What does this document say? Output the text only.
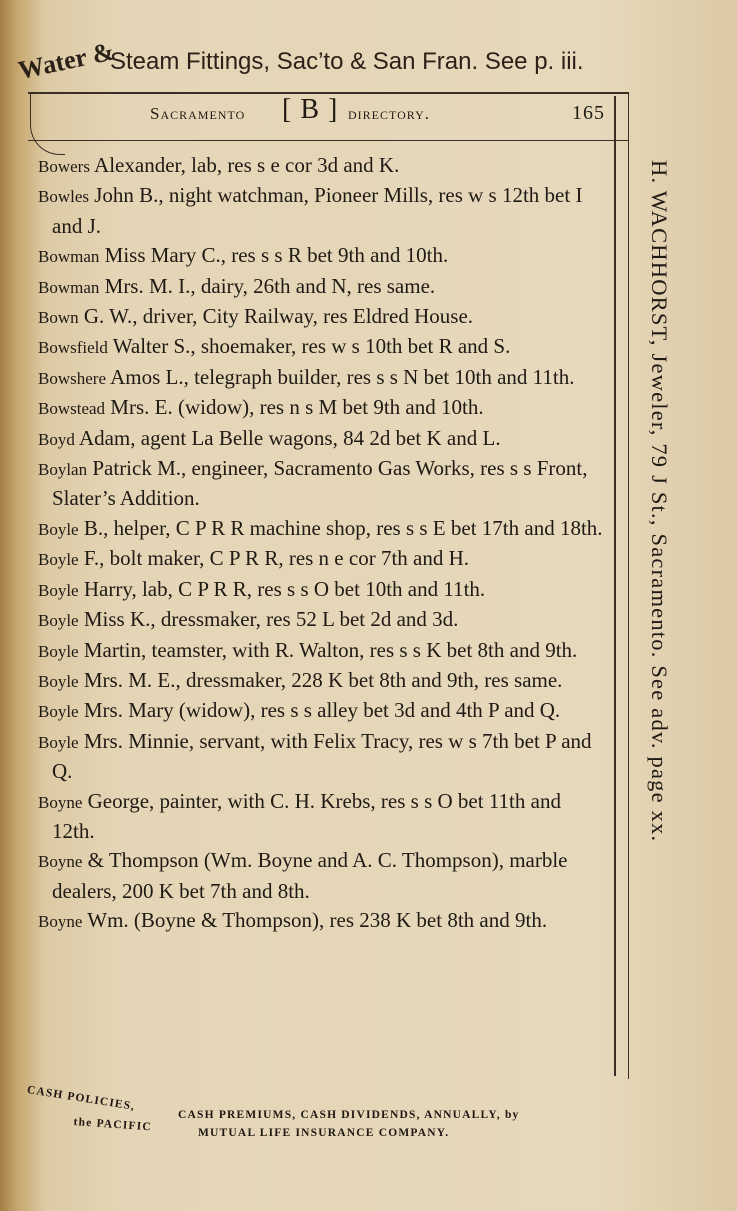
Water &
Steam Fittings, Sac’to & San Fran. See p. iii.
Sacramento [ B ] directory.	165

Bowers Alexander, lab, res s e cor 3d and K.

Bowles John B., night watchman, Pioneer Mills, res w s 12th bet I and J.

Bowman Miss Mary C., res s s R bet 9th and 10th.

Bowman Mrs. M. I., dairy, 26th and N, res same.

Bown G. W., driver, City Railway, res Eldred House.

Bowsfield Walter S., shoemaker, res w s 10th bet R and S.

Bowshere Amos L., telegraph builder, res s s N bet 10th and 11th.

Bowstead Mrs. E. (widow), res n s M bet 9th and 10th.

Boyd Adam, agent La Belle wagons, 84 2d bet K and L.

Boylan Patrick M., engineer, Sacramento Gas Works, res s s Front, Slater’s Addition.

Boyle B., helper, C P R R machine shop, res s s E bet 17th and 18th.

Boyle F., bolt maker, C P R R, res n e cor 7th and H.

Boyle Harry, lab, C P R R, res s s O bet 10th and 11th.

Boyle Miss K., dressmaker, res 52 L bet 2d and 3d.

Boyle Martin, teamster, with R. Walton, res s s K bet 8th and 9th.

Boyle Mrs. M. E., dressmaker, 228 K bet 8th and 9th, res same.

Boyle Mrs. Mary (widow), res s s alley bet 3d and 4th P and Q.

Boyle Mrs. Minnie, servant, with Felix Tracy, res w s 7th bet P and Q.

Boyne George, painter, with C. H. Krebs, res s s O bet 11th and 12th.

Boyne & Thompson (Wm. Boyne and A. C. Thompson), marble dealers, 200 K bet 7th and 8th.

Boyne Wm. (Boyne & Thompson), res 238 K bet 8th and 9th.

H. WACHHORST, Jeweler, 79 J St., Sacramento. See adv. page xx.
CASH POLICIES,
CASH PREMIUMS, CASH DIVIDENDS, ANNUALLY, by
the PACIFIC	MUTUAL LIFE INSURANCE COMPANY.
